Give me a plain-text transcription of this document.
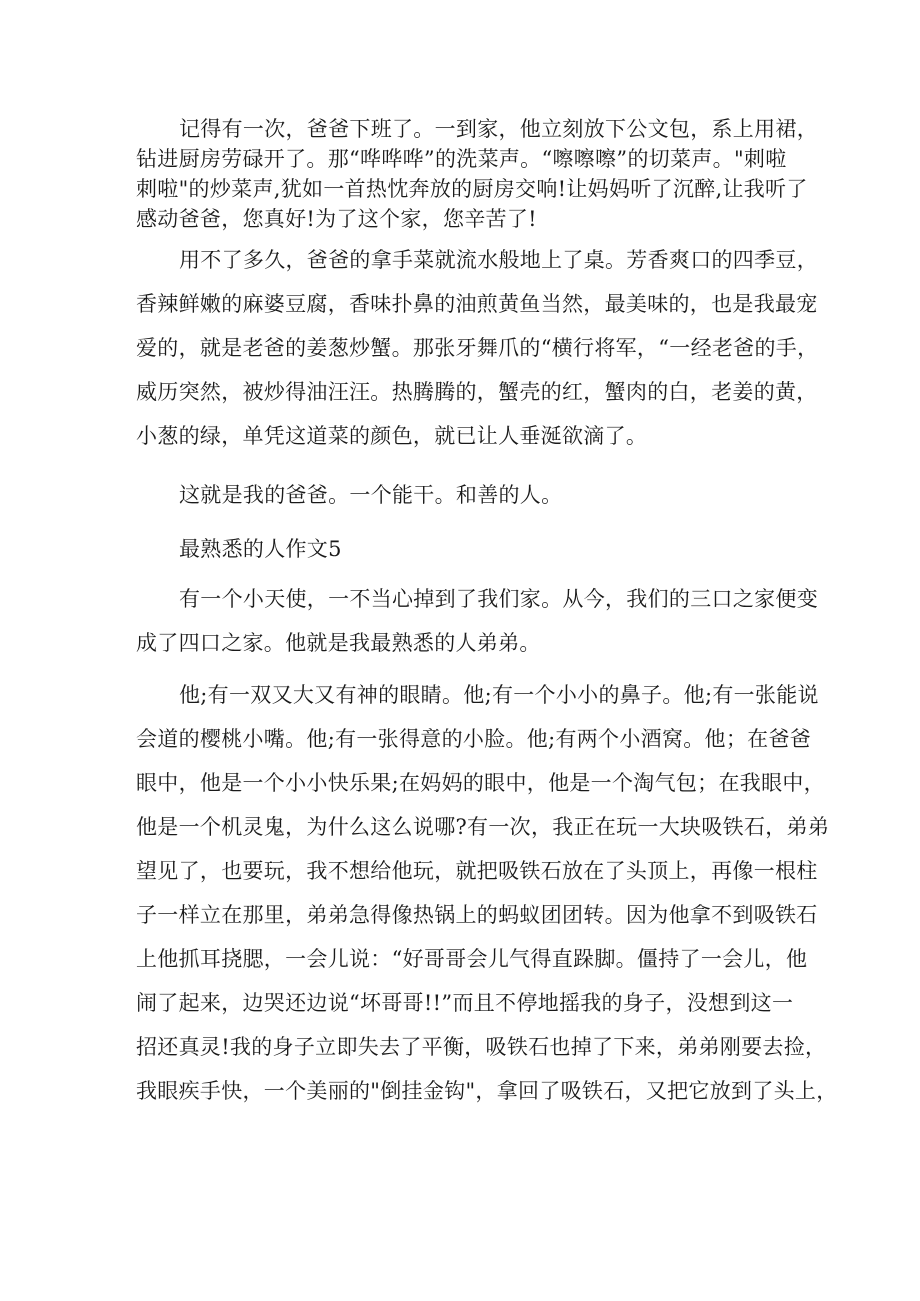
记得有一次，爸爸下班了。一到家，他立刻放下公文包，系上用裙，
钻进厨房劳碌开了。那“哗哗哗”的洗菜声。“嚓嚓嚓”的切菜声。"刺啦
刺啦"的炒菜声,犹如一首热忱奔放的厨房交响!让妈妈听了沉醉,让我听了
感动爸爸，您真好!为了这个家，您辛苦了!
用不了多久，爸爸的拿手菜就流水般地上了桌。芳香爽口的四季豆，
香辣鲜嫩的麻婆豆腐，香味扑鼻的油煎黄鱼当然，最美味的，也是我最宠
爱的，就是老爸的姜葱炒蟹。那张牙舞爪的“横行将军，“一经老爸的手，
威历突然，被炒得油汪汪。热腾腾的，蟹壳的红，蟹肉的白，老姜的黄，
小葱的绿，单凭这道菜的颜色，就已让人垂涎欲滴了。
这就是我的爸爸。一个能干。和善的人。
最熟悉的人作文5
有一个小天使，一不当心掉到了我们家。从今，我们的三口之家便变
成了四口之家。他就是我最熟悉的人弟弟。
他;有一双又大又有神的眼睛。他;有一个小小的鼻子。他;有一张能说
会道的樱桃小嘴。他;有一张得意的小脸。他;有两个小酒窝。他；在爸爸
眼中，他是一个小小快乐果;在妈妈的眼中，他是一个淘气包；在我眼中，
他是一个机灵鬼，为什么这么说哪?有一次，我正在玩一大块吸铁石，弟弟
望见了，也要玩，我不想给他玩，就把吸铁石放在了头顶上，再像一根柱
子一样立在那里，弟弟急得像热锅上的蚂蚁团团转。因为他拿不到吸铁石
上他抓耳挠腮，一会儿说：“好哥哥会儿气得直跺脚。僵持了一会儿，他
闹了起来，边哭还边说“坏哥哥!!”而且不停地摇我的身子，没想到这一
招还真灵!我的身子立即失去了平衡，吸铁石也掉了下来，弟弟刚要去捡，
我眼疾手快，一个美丽的"倒挂金钩"，拿回了吸铁石，又把它放到了头上，
